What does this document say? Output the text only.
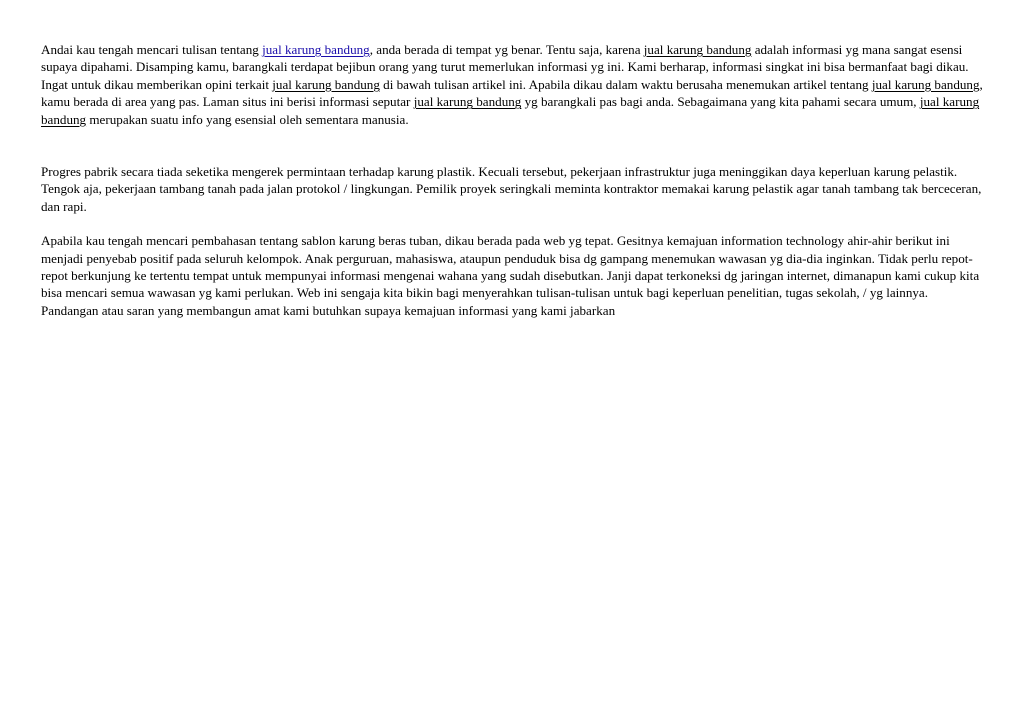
Andai kau tengah mencari tulisan tentang jual karung bandung, anda berada di tempat yg benar. Tentu saja, karena jual karung bandung adalah informasi yg mana sangat esensi supaya dipahami. Disamping kamu, barangkali terdapat bejibun orang yang turut memerlukan informasi yg ini. Kami berharap, informasi singkat ini bisa bermanfaat bagi dikau. Ingat untuk dikau memberikan opini terkait jual karung bandung di bawah tulisan artikel ini. Apabila dikau dalam waktu berusaha menemukan artikel tentang jual karung bandung, kamu berada di area yang pas. Laman situs ini berisi informasi seputar jual karung bandung yg barangkali pas bagi anda. Sebagaimana yang kita pahami secara umum, jual karung bandung merupakan suatu info yang esensial oleh sementara manusia.

Progres pabrik secara tiada seketika mengerek permintaan terhadap karung plastik. Kecuali tersebut, pekerjaan infrastruktur juga meninggikan daya keperluan karung pelastik. Tengok aja, pekerjaan tambang tanah pada jalan protokol / lingkungan. Pemilik proyek seringkali meminta kontraktor memakai karung pelastik agar tanah tambang tak berceceran, dan rapi.

Apabila kau tengah mencari pembahasan tentang sablon karung beras tuban, dikau berada pada web yg tepat. Gesitnya kemajuan information technology ahir-ahir berikut ini menjadi penyebab positif pada seluruh kelompok. Anak perguruan, mahasiswa, ataupun penduduk bisa dg gampang menemukan wawasan yg dia-dia inginkan. Tidak perlu repot-repot berkunjung ke tertentu tempat untuk mempunyai informasi mengenai wahana yang sudah disebutkan. Janji dapat terkoneksi dg jaringan internet, dimanapun kami cukup kita bisa mencari semua wawasan yg kami perlukan. Web ini sengaja kita bikin bagi menyerahkan tulisan-tulisan untuk bagi keperluan penelitian, tugas sekolah, / yg lainnya. Pandangan atau saran yang membangun amat kami butuhkan supaya kemajuan informasi yang kami jabarkan
